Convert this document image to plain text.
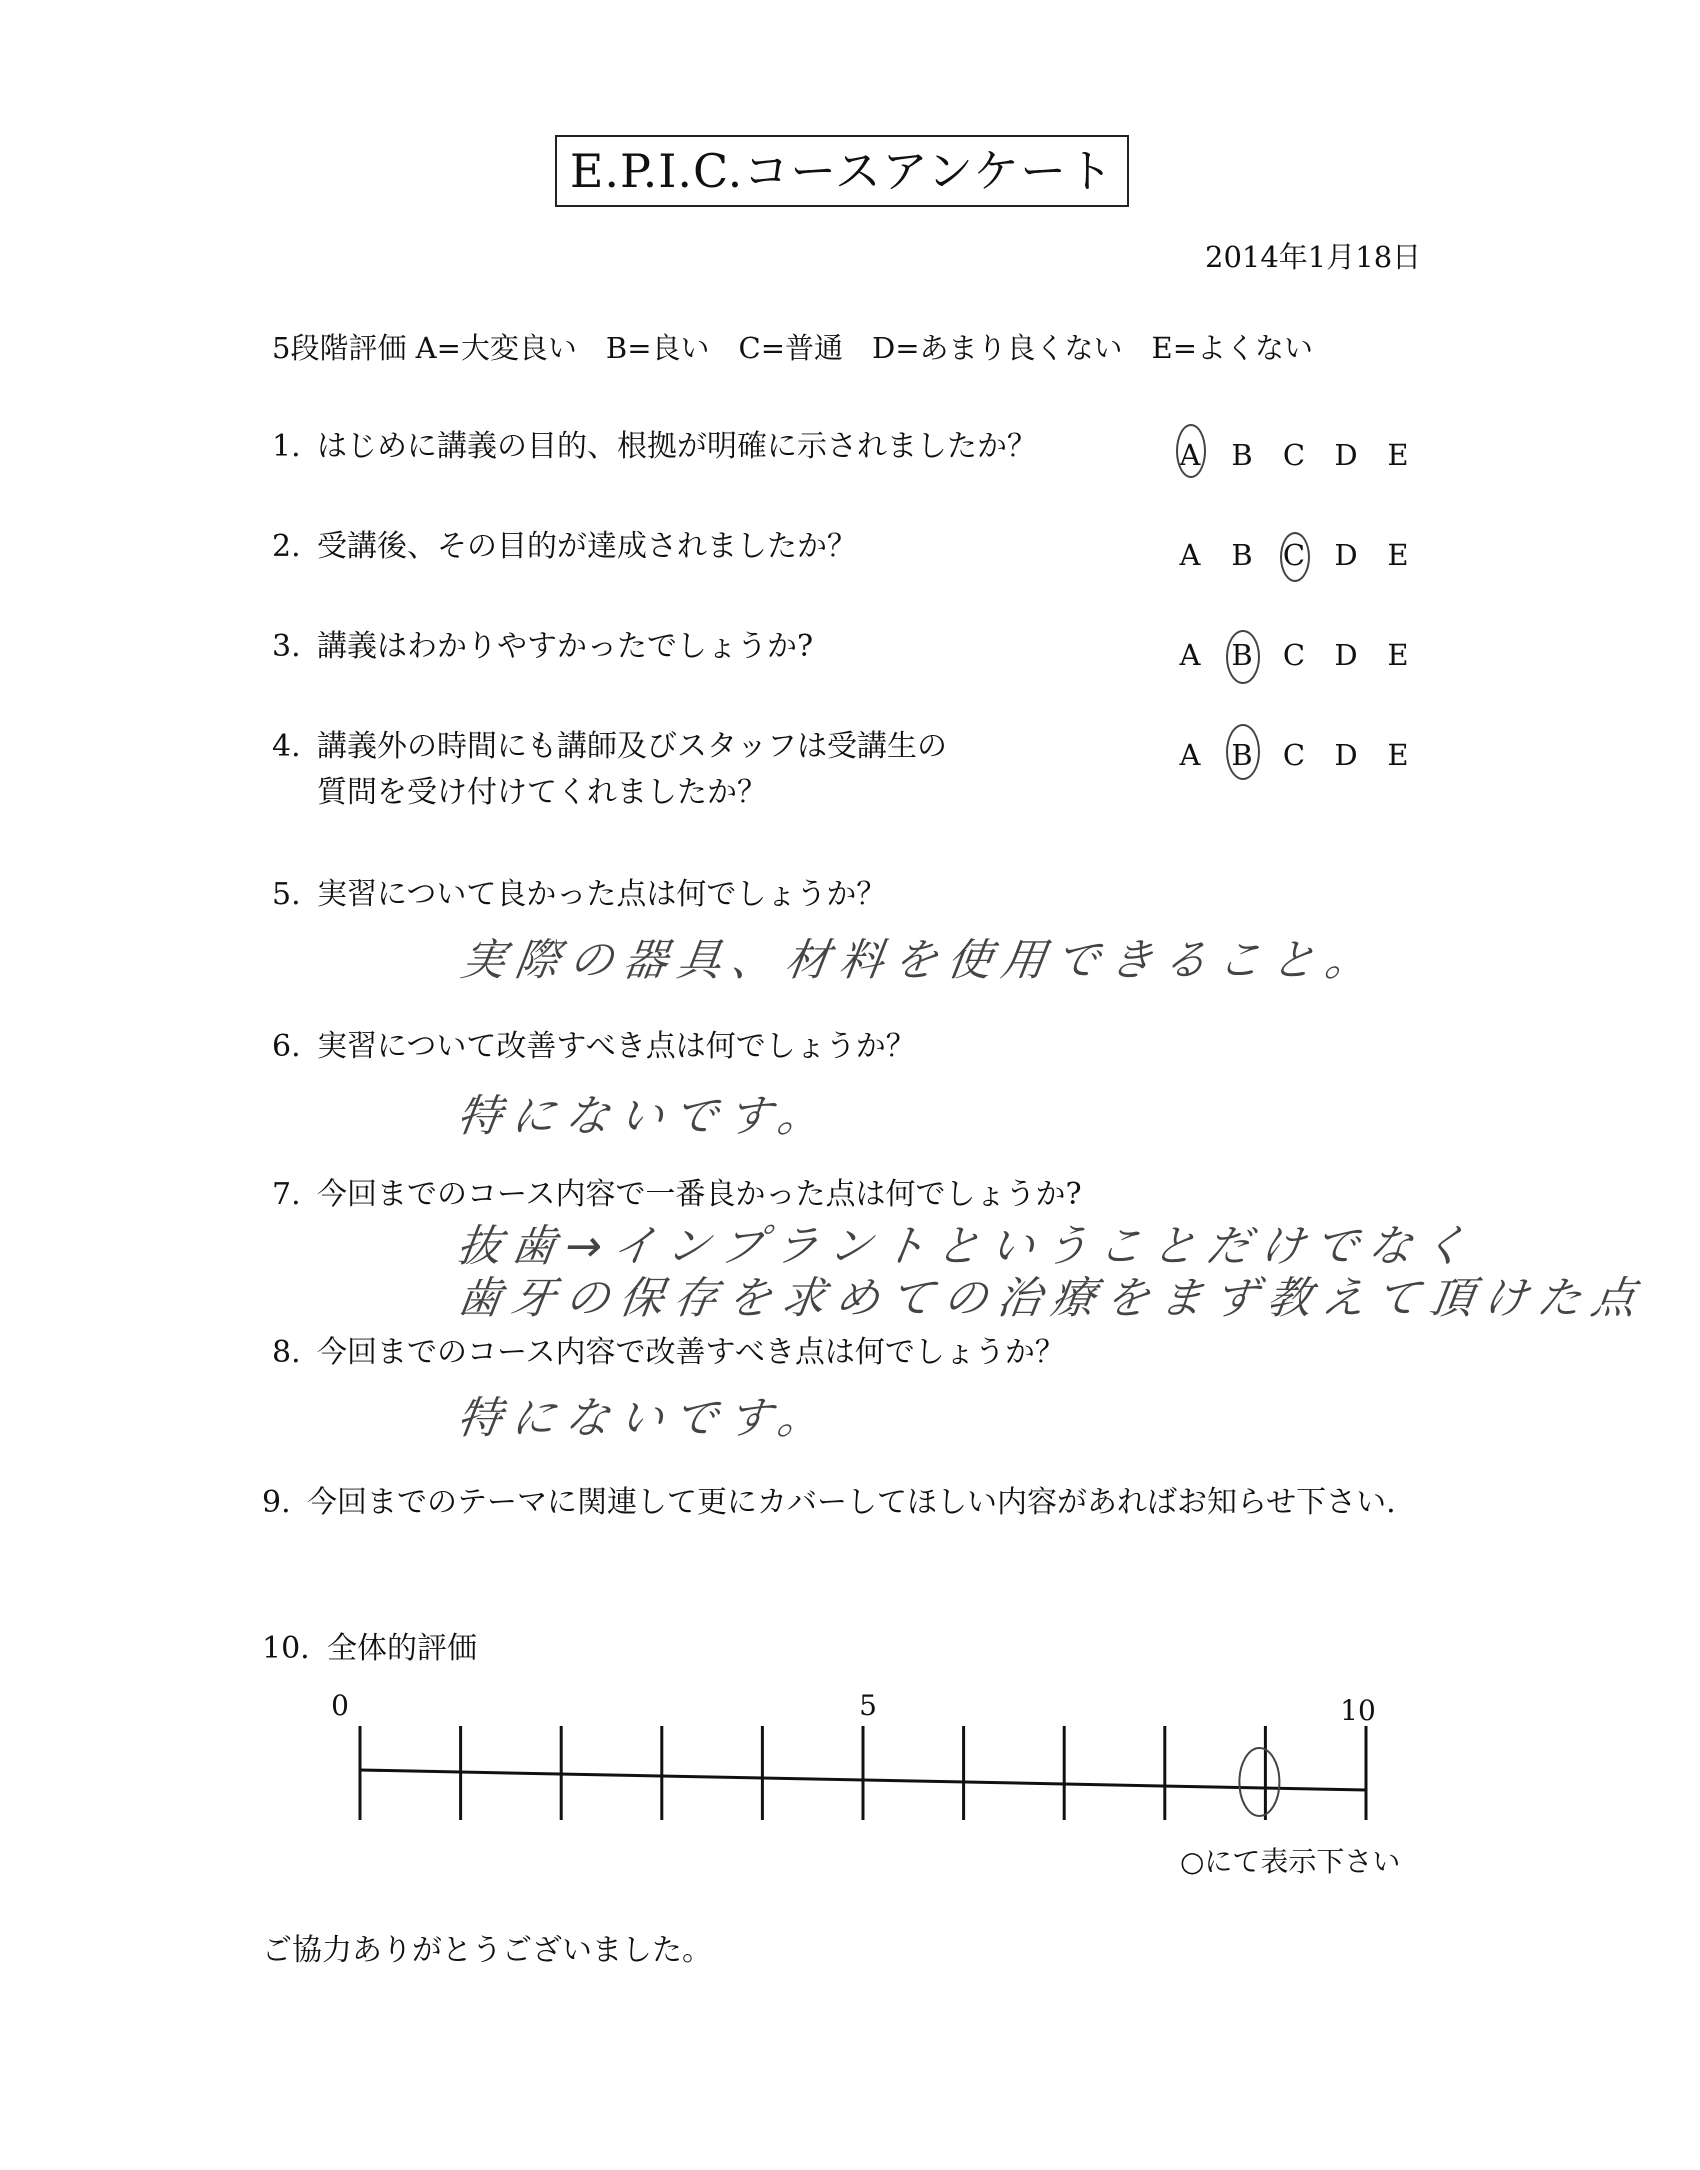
E.P.I.C.コースアンケート
2014年1月18日
5段階評価 A=大変良い　B=良い　C=普通　D=あまり良くない　E=よくない
1. はじめに講義の目的、根拠が明確に示されましたか？	A	B	C	D	E
2. 受講後、その目的が達成されましたか？	A	B	C	D	E
3. 講義はわかりやすかったでしょうか?	A	B	C	D	E
4. 講義外の時間にも講師及びスタッフは受講生の
質問を受け付けてくれましたか？
A	B	C	D	E
5. 実習について良かった点は何でしょうか？
実際の器具、材料を使用できること。
6. 実習について改善すべき点は何でしょうか？
特にないです。
7. 今回までのコース内容で一番良かった点は何でしょうか?
抜歯→インプラントということだけでなく
歯牙の保存を求めての治療をまず教えて頂けた点
8. 今回までのコース内容で改善すべき点は何でしょうか？
特にないです。
9. 今回までのテーマに関連して更にカバーしてほしい内容があればお知らせ下さい.
10. 全体的評価
0	5	10
○にて表示下さい
ご協力ありがとうございました。
